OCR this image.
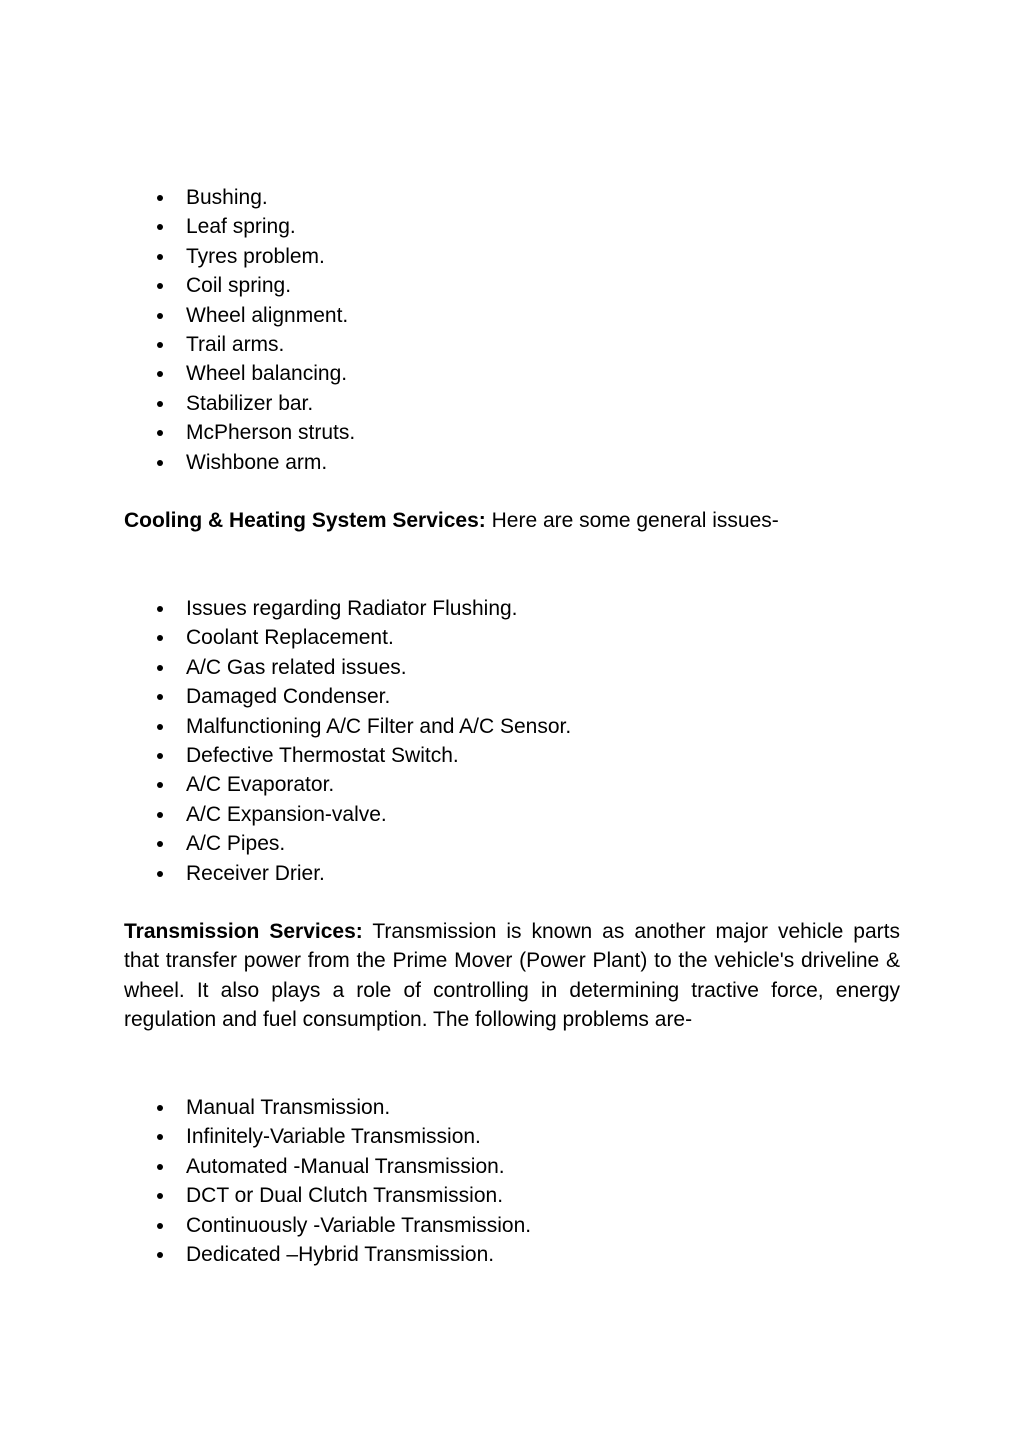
Bushing.
Leaf spring.
Tyres problem.
Coil spring.
Wheel alignment.
Trail arms.
Wheel balancing.
Stabilizer bar.
McPherson struts.
Wishbone arm.

Cooling & Heating System Services: Here are some general issues-

Issues regarding Radiator Flushing.
Coolant Replacement.
A/C Gas related issues.
Damaged Condenser.
Malfunctioning A/C Filter and A/C Sensor.
Defective Thermostat Switch.
A/C Evaporator.
A/C Expansion-valve.
A/C Pipes.
Receiver Drier.

Transmission Services: Transmission is known as another major vehicle parts that transfer power from the Prime Mover (Power Plant) to the vehicle's driveline & wheel. It also plays a role of controlling in determining tractive force, energy regulation and fuel consumption. The following problems are-

Manual Transmission.
Infinitely-Variable Transmission.
Automated -Manual Transmission.
DCT or Dual Clutch Transmission.
Continuously -Variable Transmission.
Dedicated –Hybrid Transmission.
